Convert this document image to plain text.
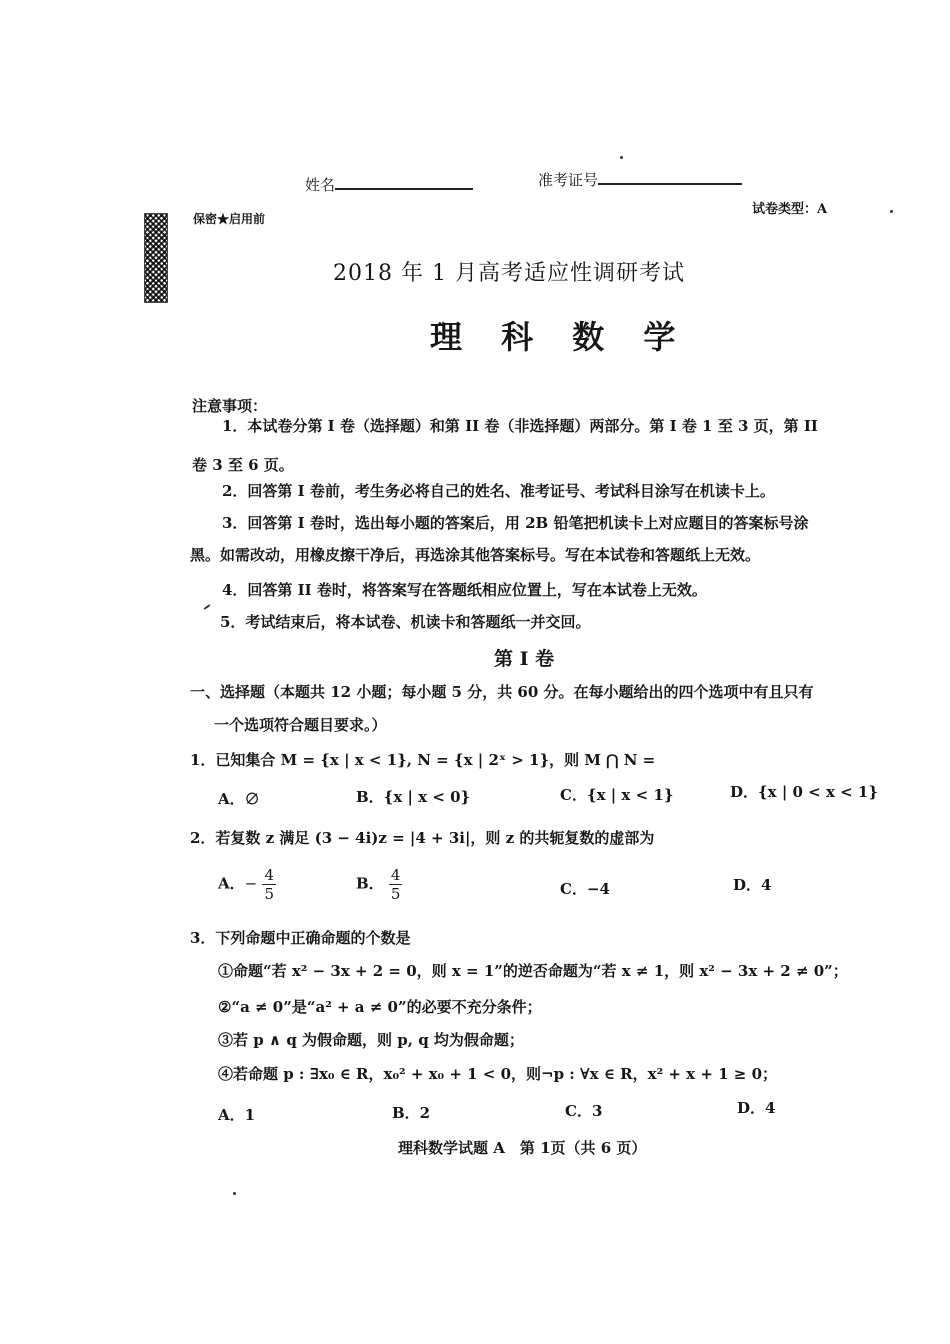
姓名	准考证号
保密★启用前
试卷类型：A
2018 年 1 月高考适应性调研考试
理 科 数 学
注意事项：
1．本试卷分第 I 卷（选择题）和第 II 卷（非选择题）两部分。第 I 卷 1 至 3 页，第 II
卷 3 至 6 页。
2．回答第 I 卷前，考生务必将自己的姓名、准考证号、考试科目涂写在机读卡上。
3．回答第 I 卷时，选出每小题的答案后，用 2B 铅笔把机读卡上对应题目的答案标号涂
黑。如需改动，用橡皮擦干净后，再选涂其他答案标号。写在本试卷和答题纸上无效。
4．回答第 II 卷时，将答案写在答题纸相应位置上，写在本试卷上无效。
5．考试结束后，将本试卷、机读卡和答题纸一并交回。
第 I 卷
一、选择题（本题共 12 小题；每小题 5 分，共 60 分。在每小题给出的四个选项中有且只有
一个选项符合题目要求。）
1．已知集合 M = {x | x < 1}, N = {x | 2ˣ > 1}，则 M ⋂ N =
A．∅	B．{x | x < 0}	C．{x | x < 1}	D．{x | 0 < x < 1}
2．若复数 z 满足 (3 − 4i)z = |4 + 3i|，则 z 的共轭复数的虚部为
A．− $\frac{4}{5}$	B． $\frac{4}{5}$	C．−4	D．4
3．下列命题中正确命题的个数是
①命题“若 x² − 3x + 2 = 0，则 x = 1”的逆否命题为“若 x ≠ 1，则 x² − 3x + 2 ≠ 0”；
②“a ≠ 0”是“a² + a ≠ 0”的必要不充分条件；
③若 p ∧ q 为假命题，则 p, q 均为假命题；
④若命题 p : ∃x₀ ∈ R，x₀² + x₀ + 1 < 0，则¬p : ∀x ∈ R，x² + x + 1 ≥ 0；
A．1	B．2	C．3	D．4
理科数学试题 A　第 1页（共 6 页）
